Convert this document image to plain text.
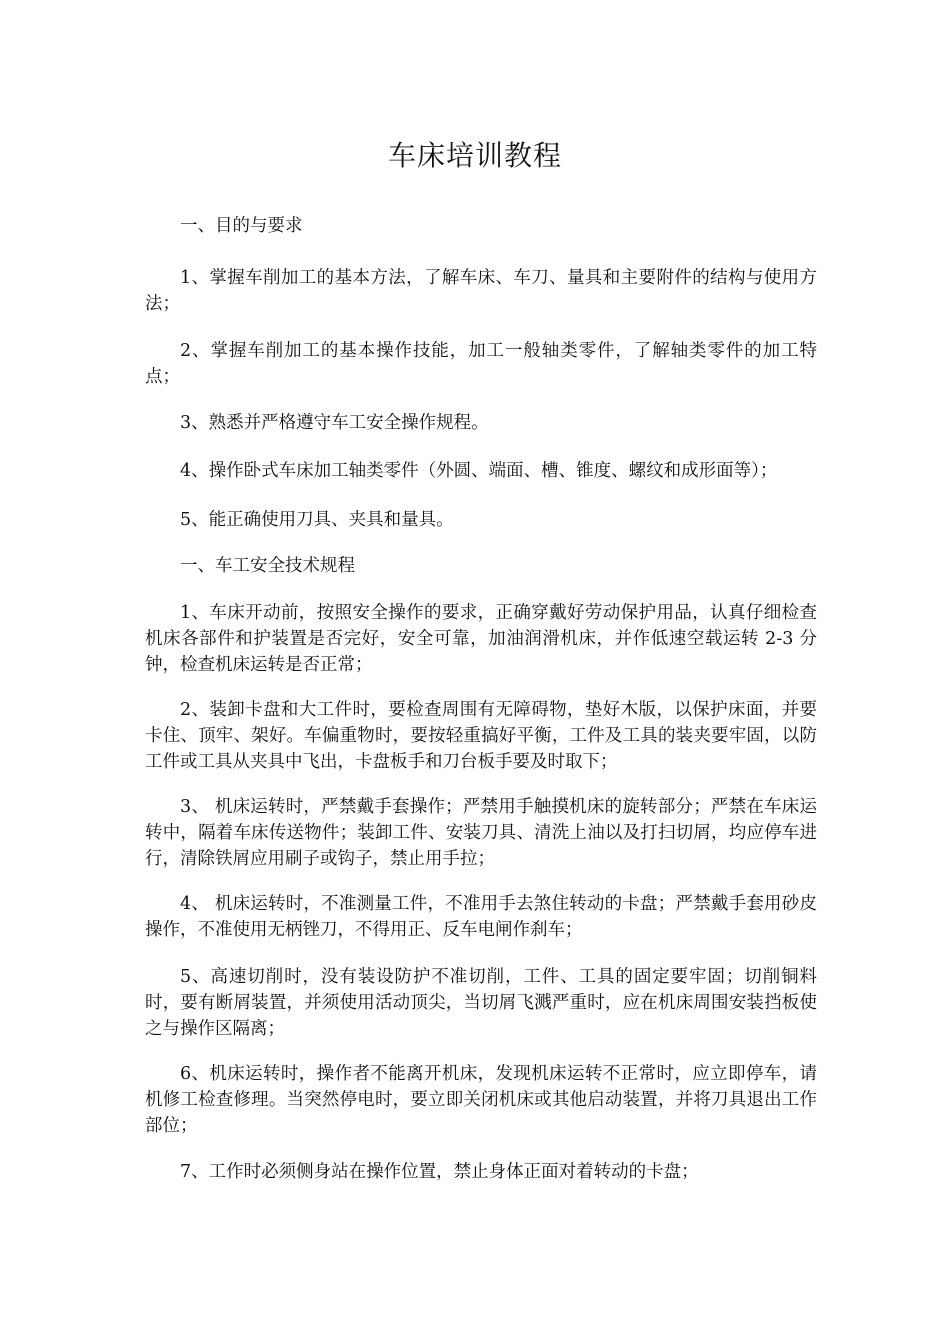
车床培训教程

一、目的与要求

1、掌握车削加工的基本方法，了解车床、车刀、量具和主要附件的结构与使用方法；

2、掌握车削加工的基本操作技能，加工一般轴类零件，了解轴类零件的加工特点；

3、熟悉并严格遵守车工安全操作规程。

4、操作卧式车床加工轴类零件（外圆、端面、槽、锥度、螺纹和成形面等）；

5、能正确使用刀具、夹具和量具。

一、车工安全技术规程

1、车床开动前，按照安全操作的要求，正确穿戴好劳动保护用品，认真仔细检查机床各部件和护装置是否完好，安全可靠，加油润滑机床，并作低速空载运转 2-3 分钟，检查机床运转是否正常；

2、装卸卡盘和大工件时，要检查周围有无障碍物，垫好木版，以保护床面，并要卡住、顶牢、架好。车偏重物时，要按轻重搞好平衡，工件及工具的装夹要牢固，以防工件或工具从夹具中飞出，卡盘板手和刀台板手要及时取下；

3、 机床运转时，严禁戴手套操作；严禁用手触摸机床的旋转部分；严禁在车床运转中，隔着车床传送物件；装卸工件、安装刀具、清洗上油以及打扫切屑，均应停车进行，清除铁屑应用刷子或钩子，禁止用手拉；

4、 机床运转时，不准测量工件，不准用手去煞住转动的卡盘；严禁戴手套用砂皮操作，不准使用无柄锉刀，不得用正、反车电闸作刹车；

5、高速切削时，没有装设防护不准切削，工件、工具的固定要牢固；切削铜料时，要有断屑装置，并须使用活动顶尖，当切屑飞溅严重时，应在机床周围安装挡板使之与操作区隔离；

6、机床运转时，操作者不能离开机床，发现机床运转不正常时，应立即停车，请机修工检查修理。当突然停电时，要立即关闭机床或其他启动装置，并将刀具退出工作部位；

7、工作时必须侧身站在操作位置，禁止身体正面对着转动的卡盘；
